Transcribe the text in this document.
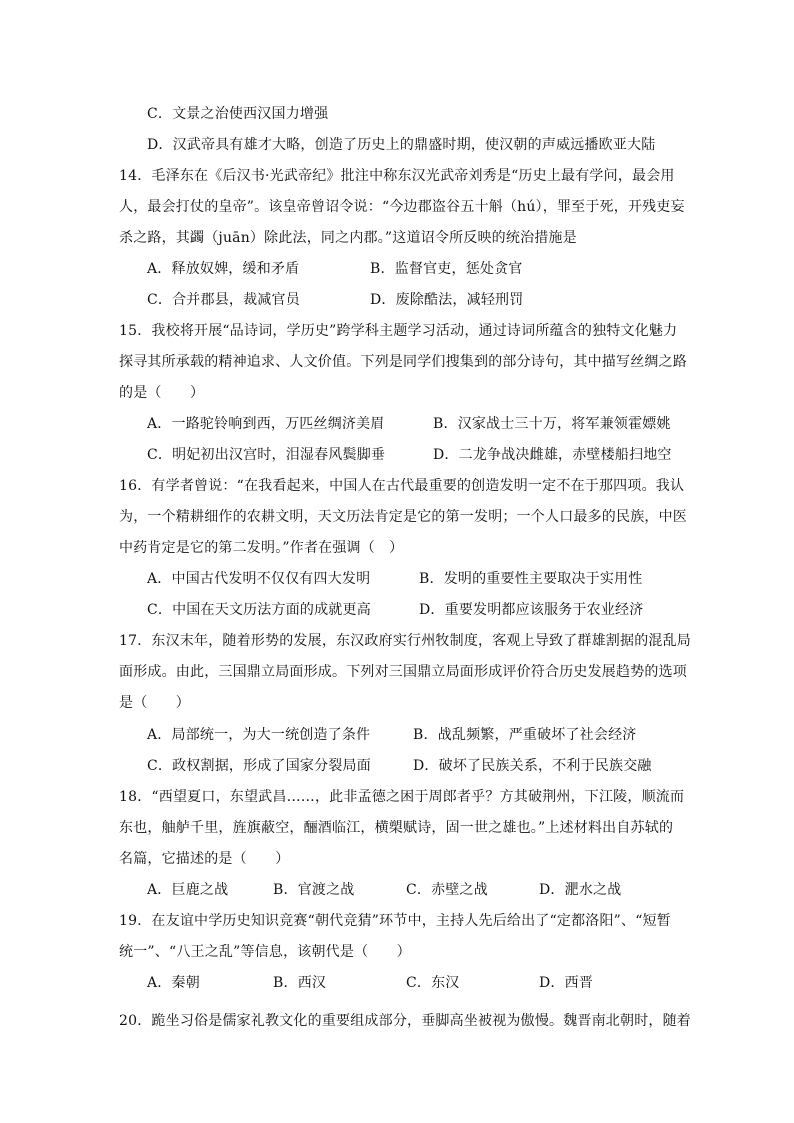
C．文景之治使西汉国力增强
D．汉武帝具有雄才大略，创造了历史上的鼎盛时期，使汉朝的声威远播欧亚大陆
14．毛泽东在《后汉书·光武帝纪》批注中称东汉光武帝刘秀是“历史上最有学问，最会用
人，最会打仗的皇帝”。该皇帝曾诏令说：“今边郡盗谷五十斛（hú），罪至于死，开残吏妄
杀之路，其蠲（juān）除此法，同之内郡。”这道诏令所反映的统治措施是
A．释放奴婢，缓和矛盾	B．监督官吏，惩处贪官
C．合并郡县，裁减官员	D．废除酷法，减轻刑罚
15．我校将开展“品诗词，学历史”跨学科主题学习活动，通过诗词所蕴含的独特文化魅力
探寻其所承载的精神追求、人文价值。下列是同学们搜集到的部分诗句，其中描写丝绸之路
的是（　　）
A．一路驼铃响到西，万匹丝绸济美眉	B．汉家战士三十万，将军兼领霍嫖姚
C．明妃初出汉宫时，泪湿春风鬓脚垂	D．二龙争战决雌雄，赤壁楼船扫地空
16．有学者曾说：“在我看起来，中国人在古代最重要的创造发明一定不在于那四项。我认
为，一个精耕细作的农耕文明，天文历法肯定是它的第一发明；一个人口最多的民族，中医
中药肯定是它的第二发明。”作者在强调（　）
A．中国古代发明不仅仅有四大发明	B．发明的重要性主要取决于实用性
C．中国在天文历法方面的成就更高	D．重要发明都应该服务于农业经济
17．东汉末年，随着形势的发展，东汉政府实行州牧制度，客观上导致了群雄割据的混乱局
面形成。由此，三国鼎立局面形成。下列对三国鼎立局面形成评价符合历史发展趋势的选项
是（　　）
A．局部统一，为大一统创造了条件	B．战乱频繁，严重破坏了社会经济
C．政权割据，形成了国家分裂局面	D．破坏了民族关系，不利于民族交融
18．“西望夏口，东望武昌……，此非孟德之困于周郎者乎？方其破荆州，下江陵，顺流而
东也，舳舻千里，旌旗蔽空，酾酒临江，横槊赋诗，固一世之雄也。”上述材料出自苏轼的
名篇，它描述的是（　　）
A．巨鹿之战	B．官渡之战	C．赤壁之战	D．淝水之战
19．在友谊中学历史知识竞赛“朝代竞猜”环节中，主持人先后给出了“定都洛阳”、“短暂
统一”、“八王之乱”等信息，该朝代是（　　）
A．秦朝	B．西汉	C．东汉	D．西晋
20．跪坐习俗是儒家礼教文化的重要组成部分，垂脚高坐被视为傲慢。魏晋南北朝时，随着
